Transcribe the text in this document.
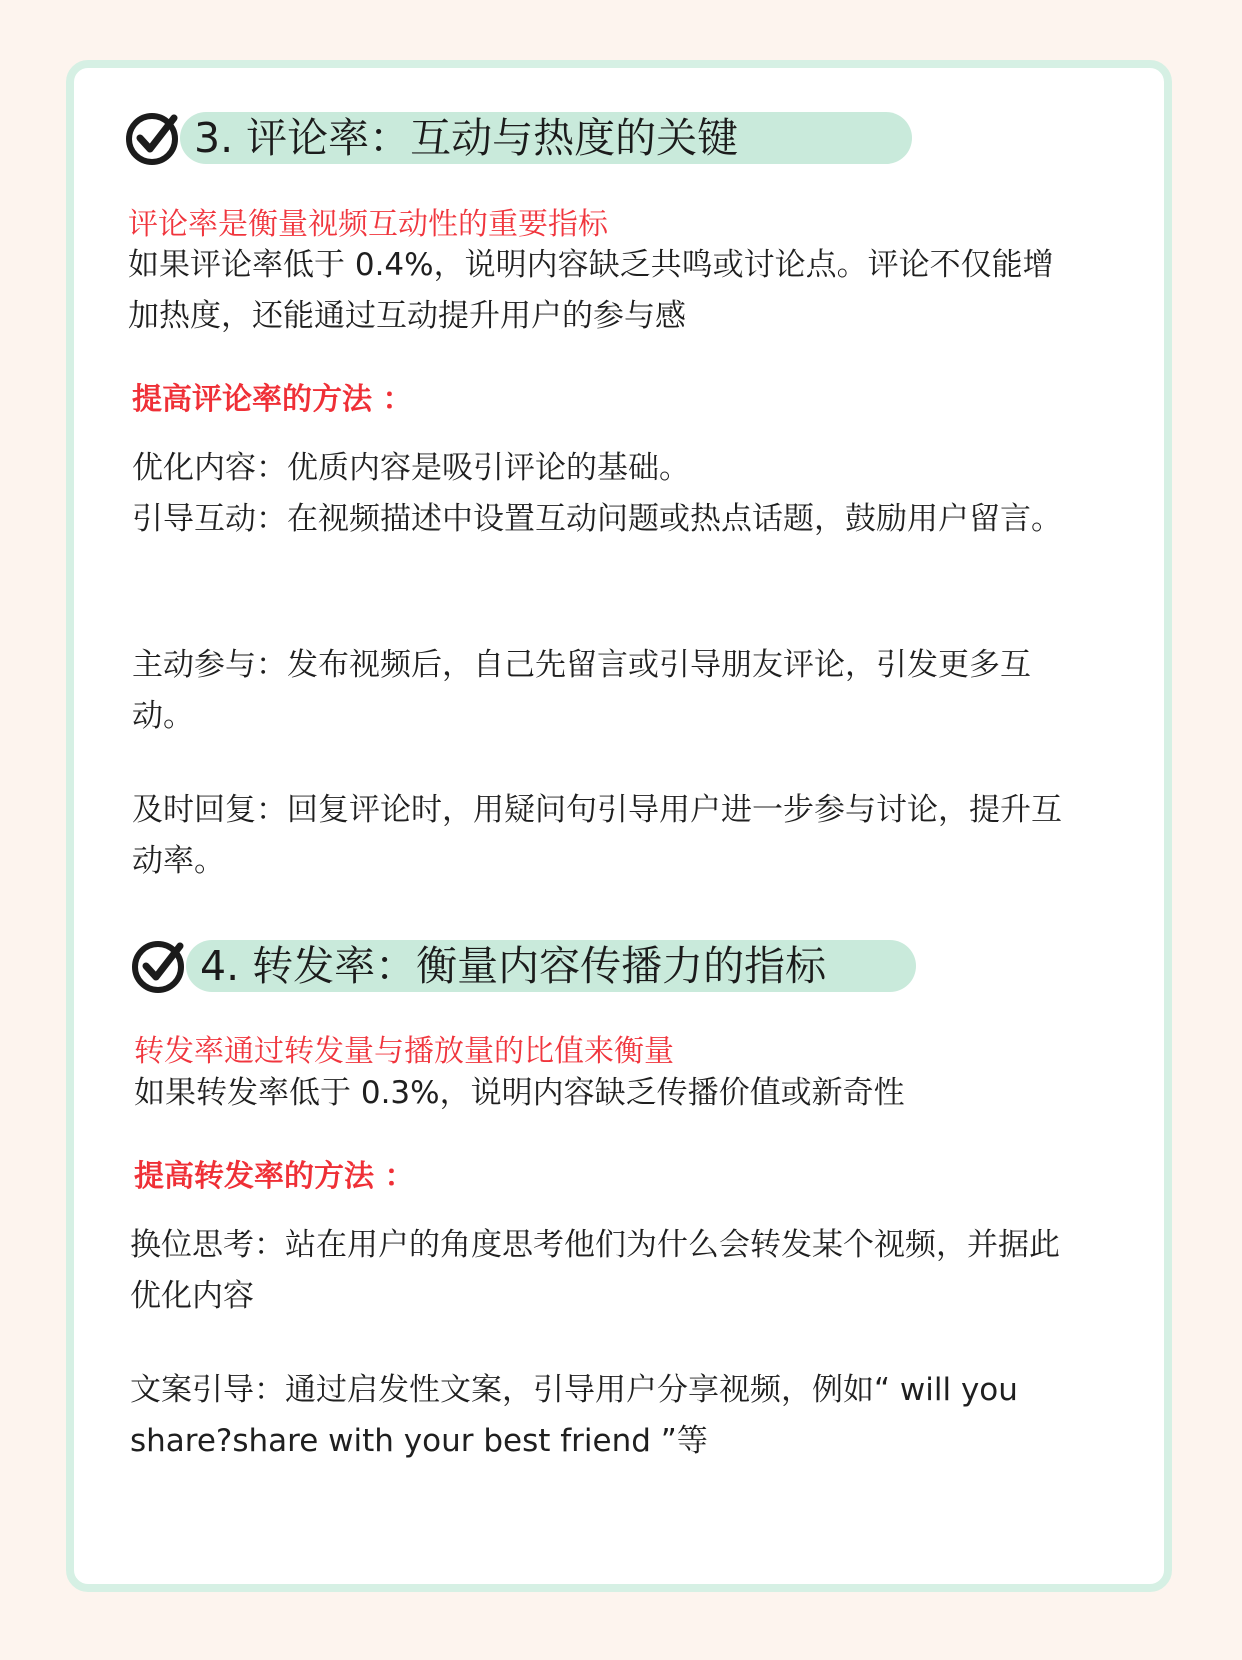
3. 评论率：互动与热度的关键
评论率是衡量视频互动性的重要指标

如果评论率低于 0.4%，说明内容缺乏共鸣或讨论点。评论不仅能增加热度，还能通过互动提升用户的参与感

提高评论率的方法 ：

优化内容：优质内容是吸引评论的基础。

引导互动：在视频描述中设置互动问题或热点话题，鼓励用户留言。

主动参与：发布视频后，自己先留言或引导朋友评论，引发更多互动。

及时回复：回复评论时，用疑问句引导用户进一步参与讨论，提升互动率。

4. 转发率：衡量内容传播力的指标
转发率通过转发量与播放量的比值来衡量

如果转发率低于 0.3%，说明内容缺乏传播价值或新奇性

提高转发率的方法 ：

换位思考：站在用户的角度思考他们为什么会转发某个视频，并据此优化内容

文案引导：通过启发性文案，引导用户分享视频，例如“ will you share?share with your best friend ”等
